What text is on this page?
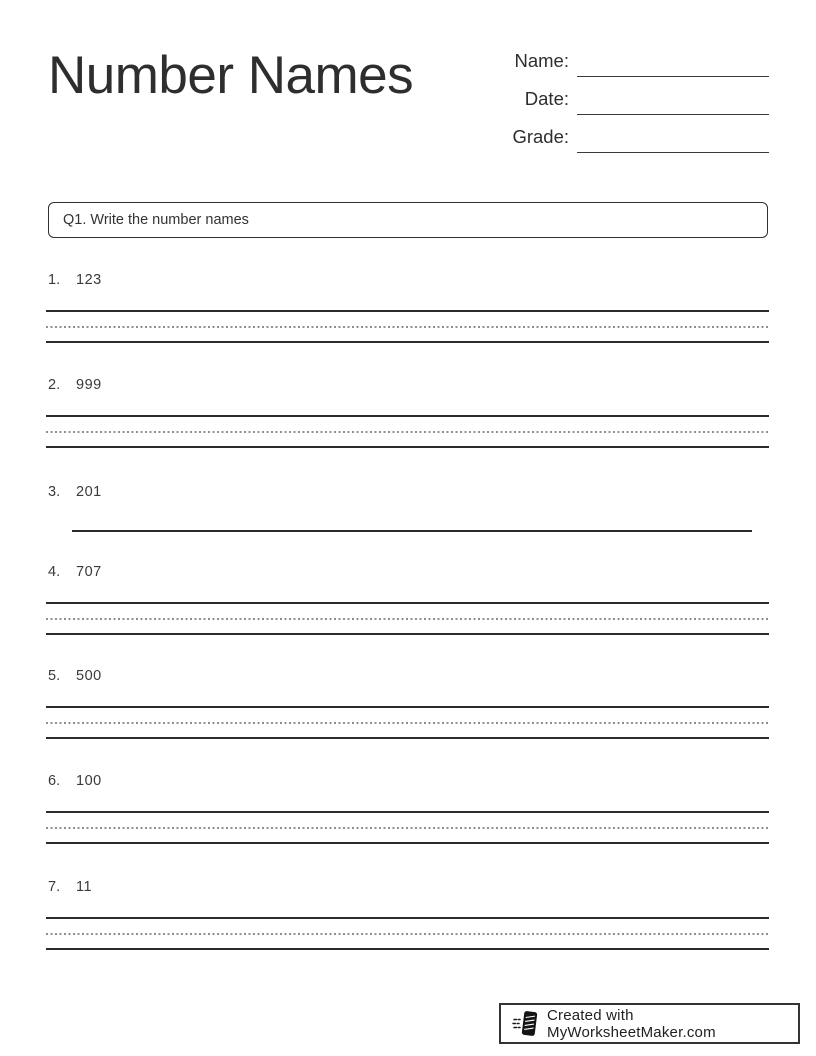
Number Names	Name:
Date:
Grade:
Q1. Write the number names
1. 123
2. 999
3. 201
4. 707
5. 500
6. 100
7. 11
Created with MyWorksheetMaker.com
